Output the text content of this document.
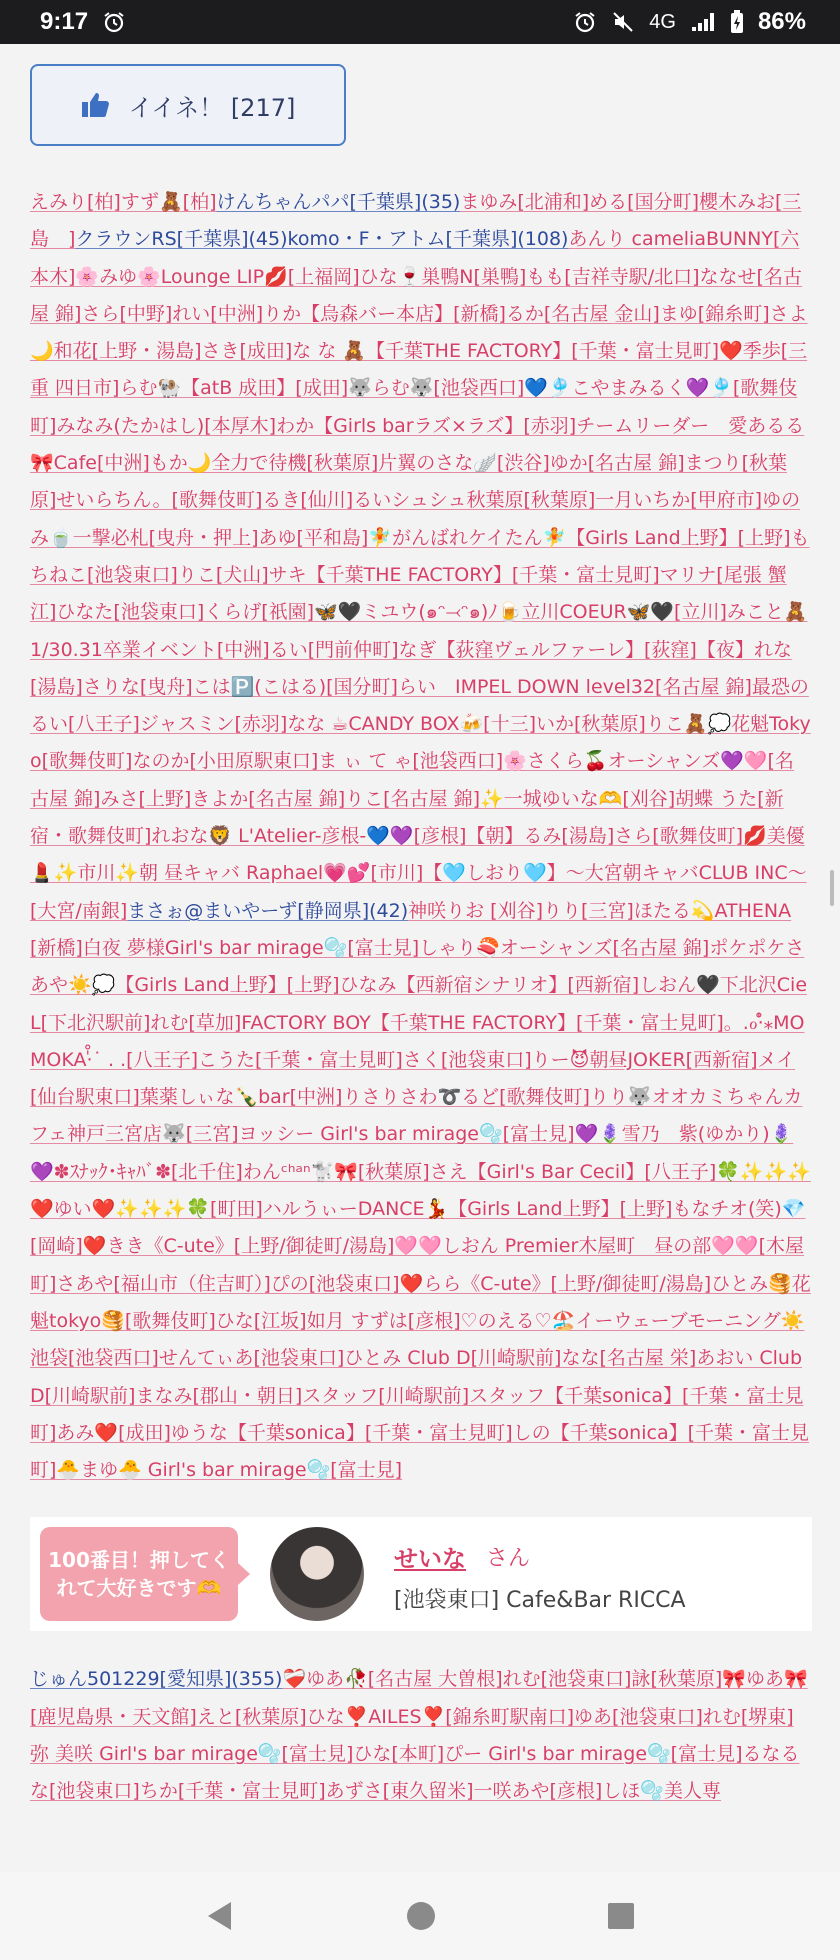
9:17	4G	86%
イイネ！ [217]
えみり[柏]すず🧸[柏]けんちゃんパパ[千葉県](35)まゆみ[北浦和]める[国分町]櫻木みお[三島　]クラウンRS[千葉県](45)komo・F・アトム[千葉県](108)あんり cameliaBUNNY[六本木]🌸みゆ🌸Lounge LIP💋[上福岡]ひな🍷巣鴨N[巣鴨]もも[吉祥寺駅/北口]ななせ[名古屋 錦]さら[中野]れい[中洲]りか【烏森バー本店】[新橋]るか[名古屋 金山]まゆ[錦糸町]さよ🌙和花[上野・湯島]さき[成田]な な 🧸【千葉THE FACTORY】[千葉・富士見町]❤️季歩[三重 四日市]らむ🐏【atB 成田】[成田]🐺らむ🐺[池袋西口]💙🎐こやまみるく💜🎐[歌舞伎町]みなみ(たかはし)[本厚木]わか【Girls barラズ×ラズ】[赤羽]チームリーダー　愛あるる🎀Cafe[中洲]もか🌙全力で待機[秋葉原]片翼のさな🪽[渋谷]ゆか[名古屋 錦]まつり[秋葉原]せいらちん。[歌舞伎町]るき[仙川]るいシュシュ秋葉原[秋葉原]一月いちか[甲府市]ゆのみ🍵一撃必札[曳舟・押上]あゆ[平和島]🧚がんばれケイたん🧚【Girls Land上野】[上野]もちねこ[池袋東口]りこ[犬山]サキ【千葉THE FACTORY】[千葉・富士見町]マリナ[尾張 蟹江]ひなた[池袋東口]くらげ[祇園]🦋🖤ミユウ(๑ᵔ⤙ᵔ๑)ﾉ🍺立川COEUR🦋🖤[立川]みこと🧸1/30.31卒業イベント[中洲]るい[門前仲町]なぎ【荻窪ヴェルファーレ】[荻窪]【夜】れな[湯島]さりな[曳舟]こは🅿️(こはる)[国分町]らい　IMPEL DOWN level32[名古屋 錦]最恐のるい[八王子]ジャスミン[赤羽]なな ☕CANDY BOX🍻[十三]いか[秋葉原]りこ🧸💭花魁Tokyo[歌舞伎町]なのか[小田原駅東口]ま ぃ て ゃ[池袋西口]🌸さくら🍒オーシャンズ💜🩷[名古屋 錦]みさ[上野]きよか[名古屋 錦]りこ[名古屋 錦]✨一城ゆいな🫶[刈谷]胡蝶 うた[新宿・歌舞伎町]れおな🦁 L'Atelier-彦根-💙💜[彦根]【朝】るみ[湯島]さら[歌舞伎町]💋美優💄✨市川✨朝 昼キャバ Raphael💗💕[市川]【🩵しおり🩵】〜大宮朝キャバCLUB INC〜[大宮/南銀]まさぉ@まいやーず[静岡県](42)神咲りお [刈谷]りり[三宮]ほたる💫ATHENA[新橋]白夜 夢様Girl's bar mirage🫧[富士見]しゃり🍣オーシャンズ[名古屋 錦]ポケポケさあや☀️💭【Girls Land上野】[上野]ひなみ【西新宿シナリオ】[西新宿]しおん🖤下北沢CieL[下北沢駅前]れむ[草加]FACTORY BOY【千葉THE FACTORY】[千葉・富士見町]。.ℴ‧̍̊⁎MOMOKA‧̍̊˙ . .[八王子]こうた[千葉・富士見町]さく[池袋東口]りー😈朝昼JOKER[西新宿]メイ[仙台駅東口]葉薬しぃな🍾bar[中洲]りさりさわ➰るど[歌舞伎町]りり🐺オオカミちゃんカフェ神戸三宮店🐺[三宮]ヨッシー Girl's bar mirage🫧[富士見]💜🪻雪乃　紫(ゆかり)🪻💜✽ｽﾅｯｸ･ｷｬﾊﾞ✽[北千住]わんᶜʰᵃⁿ🐩🎀[秋葉原]さえ【Girl's Bar Cecil】[八王子]🍀✨✨✨❤️ゆい❤️✨✨✨🍀[町田]ハルうぃーDANCE💃【Girls Land上野】[上野]もなチオ(笑)💎[岡崎]❤️きき《C-ute》[上野/御徒町/湯島]🩷🩷しおん Premier木屋町　昼の部🩷🩷[木屋町]さあや[福山市（住吉町）]ぴの[池袋東口]❤️らら《C-ute》[上野/御徒町/湯島]ひとみ🥞花魁tokyo🥞[歌舞伎町]ひな[江坂]如月 すずは[彦根]♡のえる♡🏖️イーウェーブモーニング☀️池袋[池袋西口]せんてぃあ[池袋東口]ひとみ Club D[川崎駅前]なな[名古屋 栄]あおい Club D[川崎駅前]まなみ[郡山・朝日]スタッフ[川崎駅前]スタッフ【千葉sonica】[千葉・富士見町]あみ❤️[成田]ゆうな【千葉sonica】[千葉・富士見町]しの【千葉sonica】[千葉・富士見町]🐣まゆ🐣 Girl's bar mirage🫧[富士見]
100番目！押してくれて大好きです🫶
せいな さん
[池袋東口] Cafe&Bar RICCA
じゅん501229[愛知県](355)❤️‍🩹ゆあ🥀[名古屋 大曽根]れむ[池袋東口]詠[秋葉原]🎀ゆあ🎀[鹿児島県・天文館]えと[秋葉原]ひな❣️AILES❣️[錦糸町駅南口]ゆあ[池袋東口]れむ[堺東]弥 美咲 Girl's bar mirage🫧[富士見]ひな[本町]ぴー Girl's bar mirage🫧[富士見]るなるな[池袋東口]ちか[千葉・富士見町]あずさ[東久留米]一咲あや[彦根]しほ🫧美人専
